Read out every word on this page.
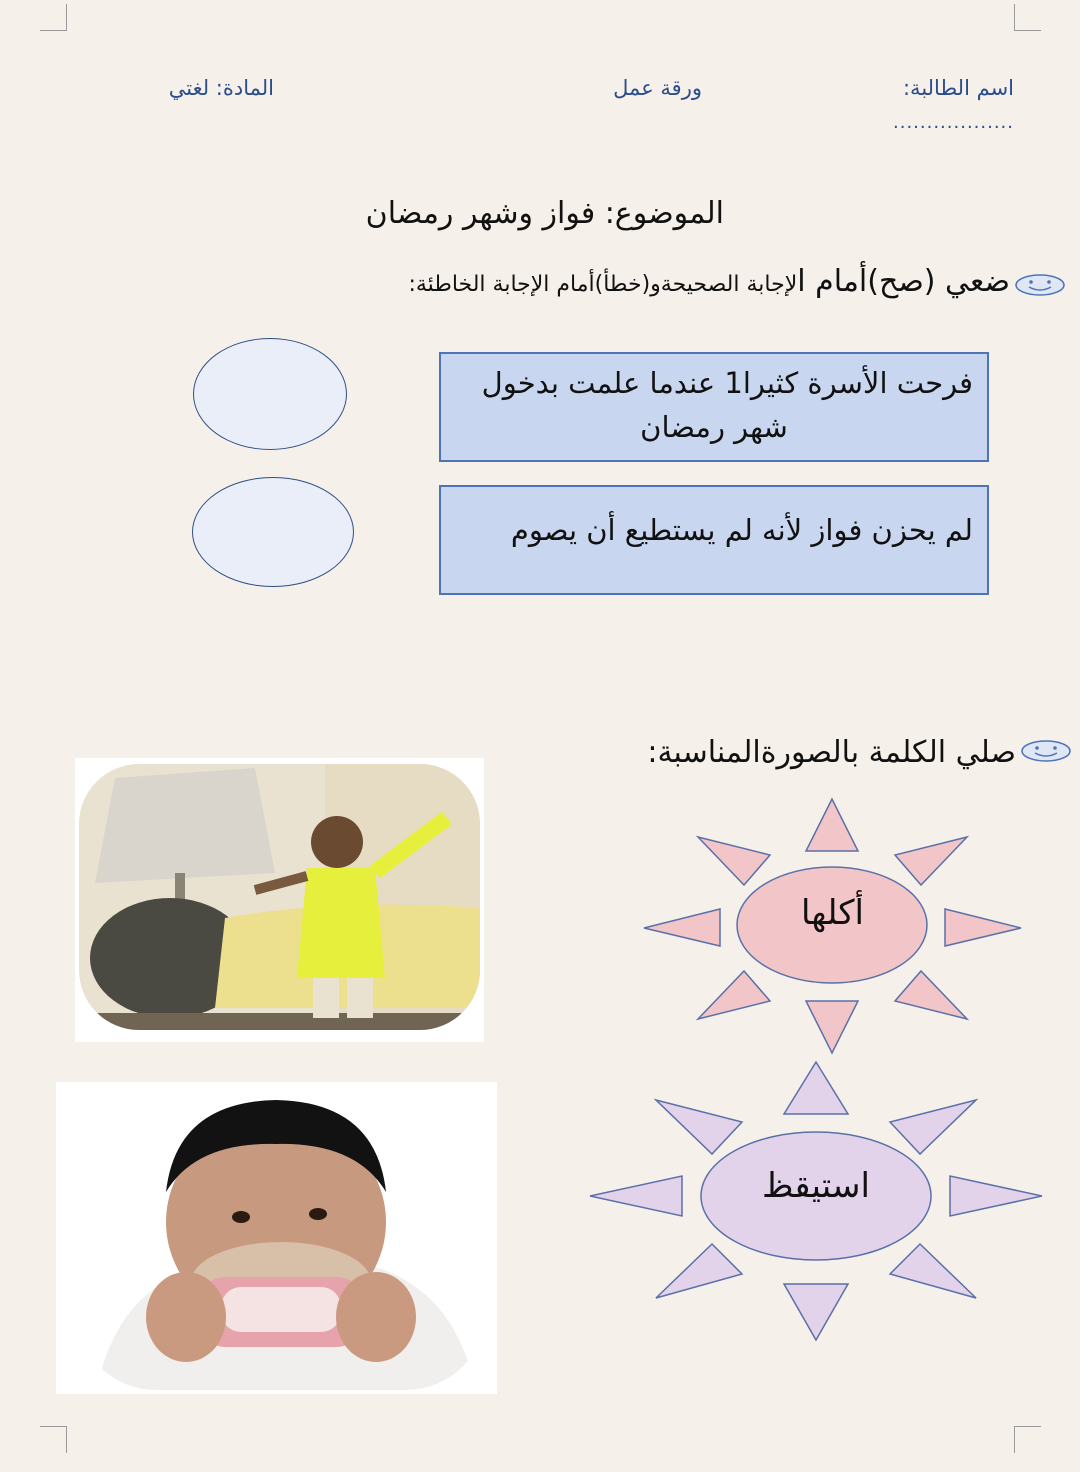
اسم الطالبة:
..................
ورقة عمل
المادة: لغتي
الموضوع: فواز وشهر رمضان
ضعي (صح)أمام الإجابة الصحيحةو(خطأ)أمام الإجابة الخاطئة:
فرحت الأسرة كثيرا1 عندما علمت بدخول
شهر رمضان
لم يحزن فواز لأنه لم يستطيع أن يصوم
صلي الكلمة بالصورةالمناسبة:
أكلها
استيقظ
